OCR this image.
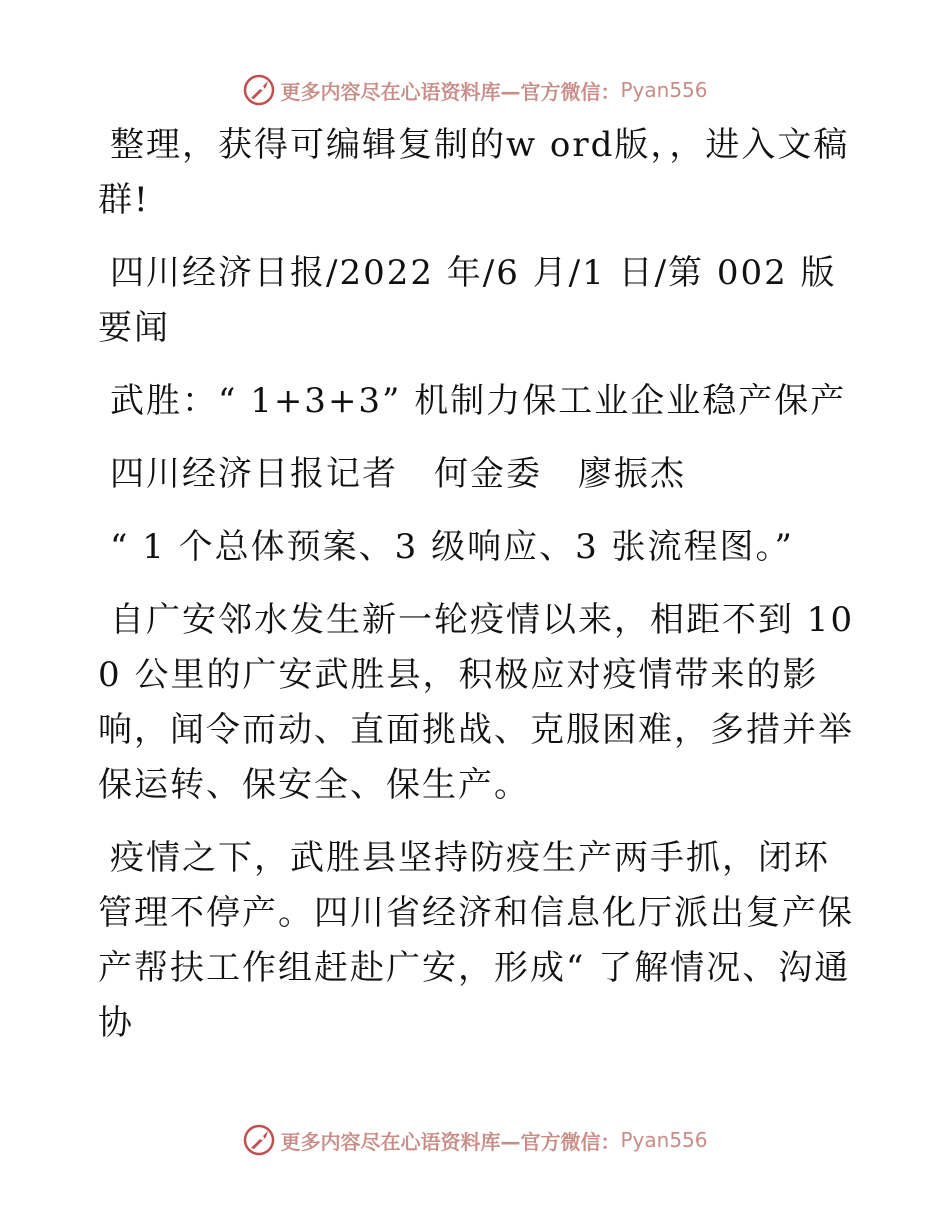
更多内容尽在心语资料库—官方微信： Pyan556

整理，获得可编辑复制的w ord版，，进入文稿群!

四川经济日报/2022 年/6 月/1 日/第 002 版要闻

武胜：“ 1+3+3” 机制力保工业企业稳产保产

四川经济日报记者　何金委　廖振杰

“ 1 个总体预案、3 级响应、3 张流程图。”

自广安邻水发生新一轮疫情以来，相距不到 100 公里的广安武胜县，积极应对疫情带来的影响，闻令而动、直面挑战、克服困难，多措并举保运转、保安全、保生产。

疫情之下，武胜县坚持防疫生产两手抓，闭环管理不停产。四川省经济和信息化厅派出复产保产帮扶工作组赶赴广安，形成“ 了解情况、沟通协

更多内容尽在心语资料库—官方微信： Pyan556
